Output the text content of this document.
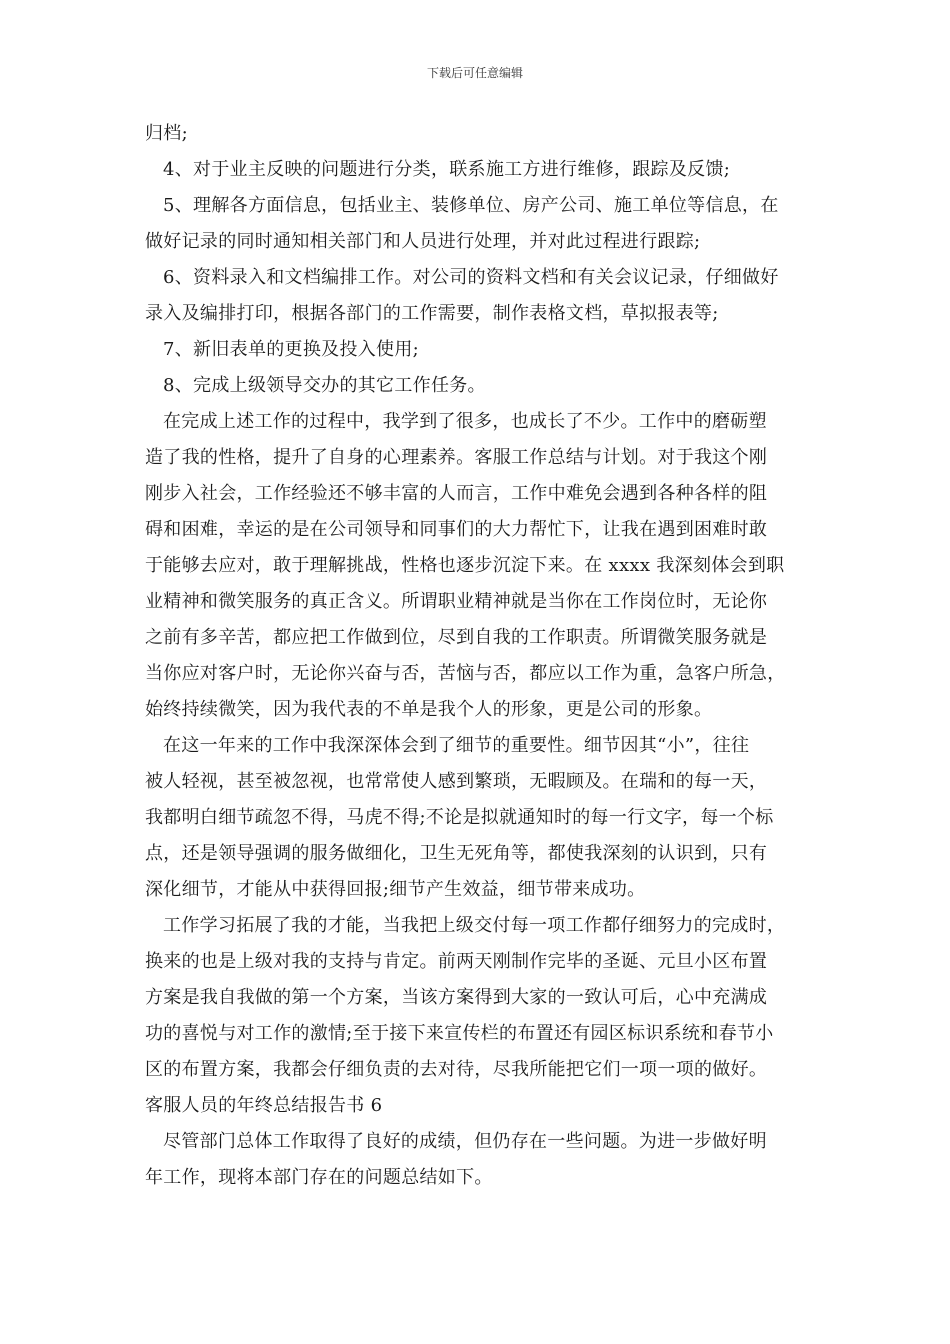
下载后可任意编辑
归档;
4、对于业主反映的问题进行分类，联系施工方进行维修，跟踪及反馈;
5、理解各方面信息，包括业主、装修单位、房产公司、施工单位等信息，在
做好记录的同时通知相关部门和人员进行处理，并对此过程进行跟踪;
6、资料录入和文档编排工作。对公司的资料文档和有关会议记录，仔细做好
录入及编排打印，根据各部门的工作需要，制作表格文档，草拟报表等;
7、新旧表单的更换及投入使用;
8、完成上级领导交办的其它工作任务。
在完成上述工作的过程中，我学到了很多，也成长了不少。工作中的磨砺塑
造了我的性格，提升了自身的心理素养。客服工作总结与计划。对于我这个刚
刚步入社会，工作经验还不够丰富的人而言，工作中难免会遇到各种各样的阻
碍和困难，幸运的是在公司领导和同事们的大力帮忙下，让我在遇到困难时敢
于能够去应对，敢于理解挑战，性格也逐步沉淀下来。在 xxxx 我深刻体会到职
业精神和微笑服务的真正含义。所谓职业精神就是当你在工作岗位时，无论你
之前有多辛苦，都应把工作做到位，尽到自我的工作职责。所谓微笑服务就是
当你应对客户时，无论你兴奋与否，苦恼与否，都应以工作为重，急客户所急，
始终持续微笑，因为我代表的不单是我个人的形象，更是公司的形象。
在这一年来的工作中我深深体会到了细节的重要性。细节因其“小”，往往
被人轻视，甚至被忽视，也常常使人感到繁琐，无暇顾及。在瑞和的每一天，
我都明白细节疏忽不得，马虎不得;不论是拟就通知时的每一行文字，每一个标
点，还是领导强调的服务做细化，卫生无死角等，都使我深刻的认识到，只有
深化细节，才能从中获得回报;细节产生效益，细节带来成功。
工作学习拓展了我的才能，当我把上级交付每一项工作都仔细努力的完成时，
换来的也是上级对我的支持与肯定。前两天刚制作完毕的圣诞、元旦小区布置
方案是我自我做的第一个方案，当该方案得到大家的一致认可后，心中充满成
功的喜悦与对工作的激情;至于接下来宣传栏的布置还有园区标识系统和春节小
区的布置方案，我都会仔细负责的去对待，尽我所能把它们一项一项的做好。
客服人员的年终总结报告书 6
尽管部门总体工作取得了良好的成绩，但仍存在一些问题。为进一步做好明
年工作，现将本部门存在的问题总结如下。
